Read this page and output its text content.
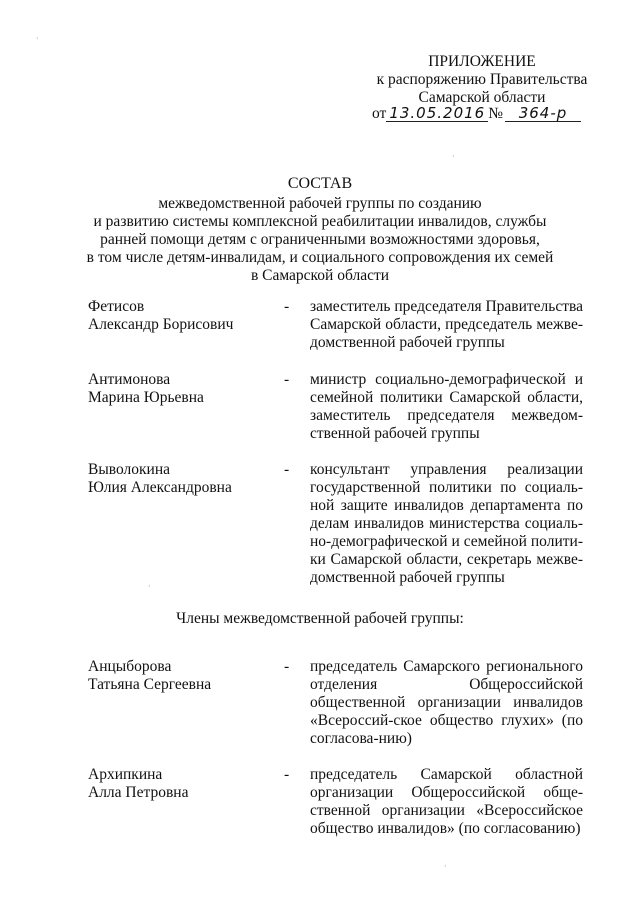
ПРИЛОЖЕНИЕ
к распоряжению Правительства
Самарской области
от 13.05.2016 № 364-р
СОСТАВ
межведомственной рабочей группы по созданию
и развитию системы комплексной реабилитации инвалидов, службы
ранней помощи детям с ограниченными возможностями здоровья,
в том числе детям-инвалидам, и социального сопровождения их семей
в Самарской области
Фетисов
Александр Борисович
- заместитель председателя Правительства Самарской области, председатель межве-домственной рабочей группы
Антимонова
Марина Юрьевна
- министр социально-демографической и семейной политики Самарской области, заместитель председателя межведом-ственной рабочей группы
Выволокина
Юлия Александровна
- консультант управления реализации государственной политики по социаль-ной защите инвалидов департамента по делам инвалидов министерства социаль-но-демографической и семейной полити-ки Самарской области, секретарь межве-домственной рабочей группы
Члены межведомственной рабочей группы:
Анцыборова
Татьяна Сергеевна
- председатель Самарского регионального отделения Общероссийской общественной организации инвалидов «Всероссий-ское общество глухих» (по согласова-нию)
Архипкина
Алла Петровна
- председатель Самарской областной организации Общероссийской обще-ственной организации «Всероссийское общество инвалидов» (по согласованию)
·
·
·
·
